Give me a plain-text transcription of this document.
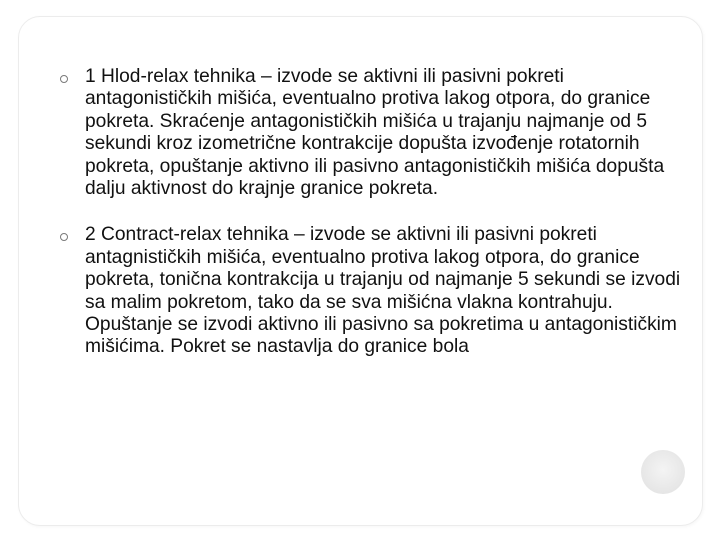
1 Hlod-relax tehnika – izvode se aktivni ili pasivni pokreti antagonističkih mišića, eventualno protiva lakog otpora, do granice pokreta. Skraćenje antagonističkih mišića u trajanju najmanje od 5 sekundi kroz izometrične kontrakcije dopušta izvođenje rotatornih pokreta, opuštanje aktivno ili pasivno antagonističkih mišića dopušta dalju aktivnost do krajnje granice pokreta.

2 Contract-relax tehnika – izvode se aktivni ili pasivni pokreti antagnističkih mišića, eventualno protiva lakog otpora, do granice pokreta, tonična kontrakcija u trajanju od najmanje 5 sekundi se izvodi sa malim pokretom, tako da se sva mišićna vlakna kontrahuju. Opuštanje se izvodi aktivno ili pasivno sa pokretima u antagonističkim mišićima. Pokret se nastavlja do granice bola
